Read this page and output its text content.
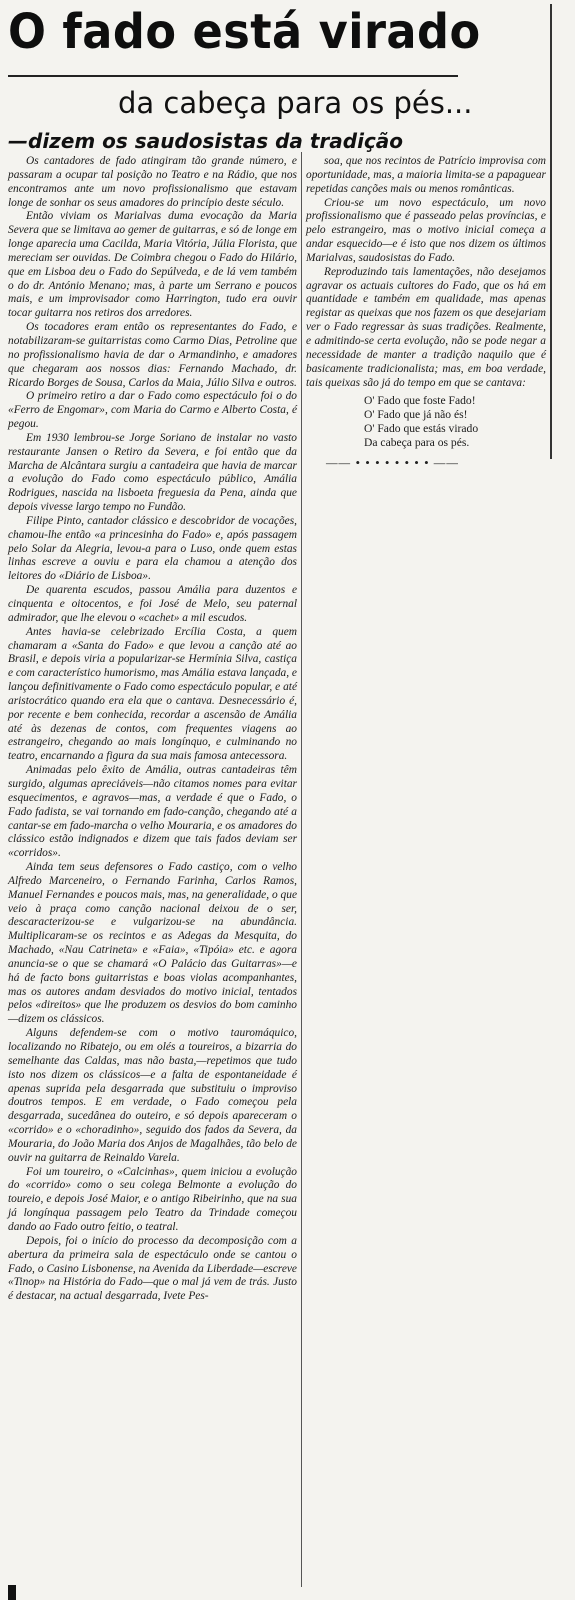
O fado está virado
da cabeça para os pés...
—dizem os saudosistas da tradição

Os cantadores de fado atingiram tão grande número, e passaram a ocupar tal posição no Teatro e na Rádio, que nos encontramos ante um novo profissionalismo que estavam longe de sonhar os seus amadores do princípio deste século.

Então viviam os Marialvas duma evocação da Maria Severa que se limitava ao gemer de guitarras, e só de longe em longe aparecia uma Cacilda, Maria Vitória, Júlia Florista, que mereciam ser ouvidas. De Coimbra chegou o Fado do Hilário, que em Lisboa deu o Fado do Sepúlveda, e de lá vem também o do dr. António Menano; mas, à parte um Serrano e poucos mais, e um improvisador como Harrington, tudo era ouvir tocar guitarra nos retiros dos arredores.

Os tocadores eram então os representantes do Fado, e notabilizaram-se guitarristas como Carmo Dias, Petroline que no profissionalismo havia de dar o Armandinho, e amadores que chegaram aos nossos dias: Fernando Machado, dr. Ricardo Borges de Sousa, Carlos da Maia, Júlio Silva e outros.

O primeiro retiro a dar o Fado como espectáculo foi o do «Ferro de Engomar», com Maria do Carmo e Alberto Costa, é pegou.

Em 1930 lembrou-se Jorge Soriano de instalar no vasto restaurante Jansen o Retiro da Severa, e foi então que da Marcha de Alcântara surgiu a cantadeira que havia de marcar a evolução do Fado como espectáculo público, Amália Rodrigues, nascida na lisboeta freguesia da Pena, ainda que depois vivesse largo tempo no Fundão.

Filipe Pinto, cantador clássico e descobridor de vocações, chamou-lhe então «a princesinha do Fado» e, após passagem pelo Solar da Alegria, levou-a para o Luso, onde quem estas linhas escreve a ouviu e para ela chamou a atenção dos leitores do «Diário de Lisboa».

De quarenta escudos, passou Amália para duzentos e cinquenta e oitocentos, e foi José de Melo, seu paternal admirador, que lhe elevou o «cachet» a mil escudos.

Antes havia-se celebrizado Ercília Costa, a quem chamaram a «Santa do Fado» e que levou a canção até ao Brasil, e depois viria a popularizar-se Hermínia Silva, castiça e com característico humorismo, mas Amália estava lançada, e lançou definitivamente o Fado como espectáculo popular, e até aristocrático quando era ela que o cantava. Desnecessário é, por recente e bem conhecida, recordar a ascensão de Amália até às dezenas de contos, com frequentes viagens ao estrangeiro, chegando ao mais longínquo, e culminando no teatro, encarnando a figura da sua mais famosa antecessora.

Animadas pelo êxito de Amália, outras cantadeiras têm surgido, algumas apreciáveis—não citamos nomes para evitar esquecimentos, e agravos—mas, a verdade é que o Fado, o Fado fadista, se vai tornando em fado-canção, chegando até a cantar-se em fado-marcha o velho Mouraria, e os amadores do clássico estão indignados e dizem que tais fados deviam ser «corridos».

Ainda tem seus defensores o Fado castiço, com o velho Alfredo Marceneiro, o Fernando Farinha, Carlos Ramos, Manuel Fernandes e poucos mais, mas, na generalidade, o que veio à praça como canção nacional deixou de o ser, descaracterizou-se e vulgarizou-se na abundância. Multiplicaram-se os recintos e as Adegas da Mesquita, do Machado, «Nau Catrineta» e «Faia», «Tipóia» etc. e agora anuncia-se o que se chamará «O Palácio das Guitarras»—e há de facto bons guitarristas e boas violas acompanhantes, mas os autores andam desviados do motivo inicial, tentados pelos «direitos» que lhe produzem os desvios do bom caminho—dizem os clássicos.

Alguns defendem-se com o motivo tauromáquico, localizando no Ribatejo, ou em olés a toureiros, a bizarria do semelhante das Caldas, mas não basta,—repetimos que tudo isto nos dizem os clássicos—e a falta de espontaneidade é apenas suprida pela desgarrada que substituiu o improviso doutros tempos. E em verdade, o Fado começou pela desgarrada, sucedânea do outeiro, e só depois apareceram o «corrido» e o «choradinho», seguido dos fados da Severa, da Mouraria, do João Maria dos Anjos de Magalhães, tão belo de ouvir na guitarra de Reinaldo Varela.

Foi um toureiro, o «Calcinhas», quem iniciou a evolução do «corrido» como o seu colega Belmonte a evolução do toureio, e depois José Maior, e o antigo Ribeirinho, que na sua já longínqua passagem pelo Teatro da Trindade começou dando ao Fado outro feitio, o teatral.

Depois, foi o início do processo da decomposição com a abertura da primeira sala de espectáculo onde se cantou o Fado, o Casino Lisbonense, na Avenida da Liberdade—escreve «Tinop» na História do Fado—que o mal já vem de trás. Justo é destacar, na actual desgarrada, Ivete Pes-

soa, que nos recintos de Patrício improvisa com oportunidade, mas, a maioria limita-se a papaguear repetidas canções mais ou menos românticas.

Criou-se um novo espectáculo, um novo profissionalismo que é passeado pelas províncias, e pelo estrangeiro, mas o motivo inicial começa a andar esquecido—e é isto que nos dizem os últimos Marialvas, saudosistas do Fado.

Reproduzindo tais lamentações, não desejamos agravar os actuais cultores do Fado, que os há em quantidade e também em qualidade, mas apenas registar as queixas que nos fazem os que desejariam ver o Fado regressar às suas tradições. Realmente, e admitindo-se certa evolução, não se pode negar a necessidade de manter a tradição naquilo que é basicamente tradicionalista; mas, em boa verdade, tais queixas são já do tempo em que se cantava:

O' Fado que foste Fado!
O' Fado que já não és!
O' Fado que estás virado
Da cabeça para os pés.
—— • • • • • • • • ——
